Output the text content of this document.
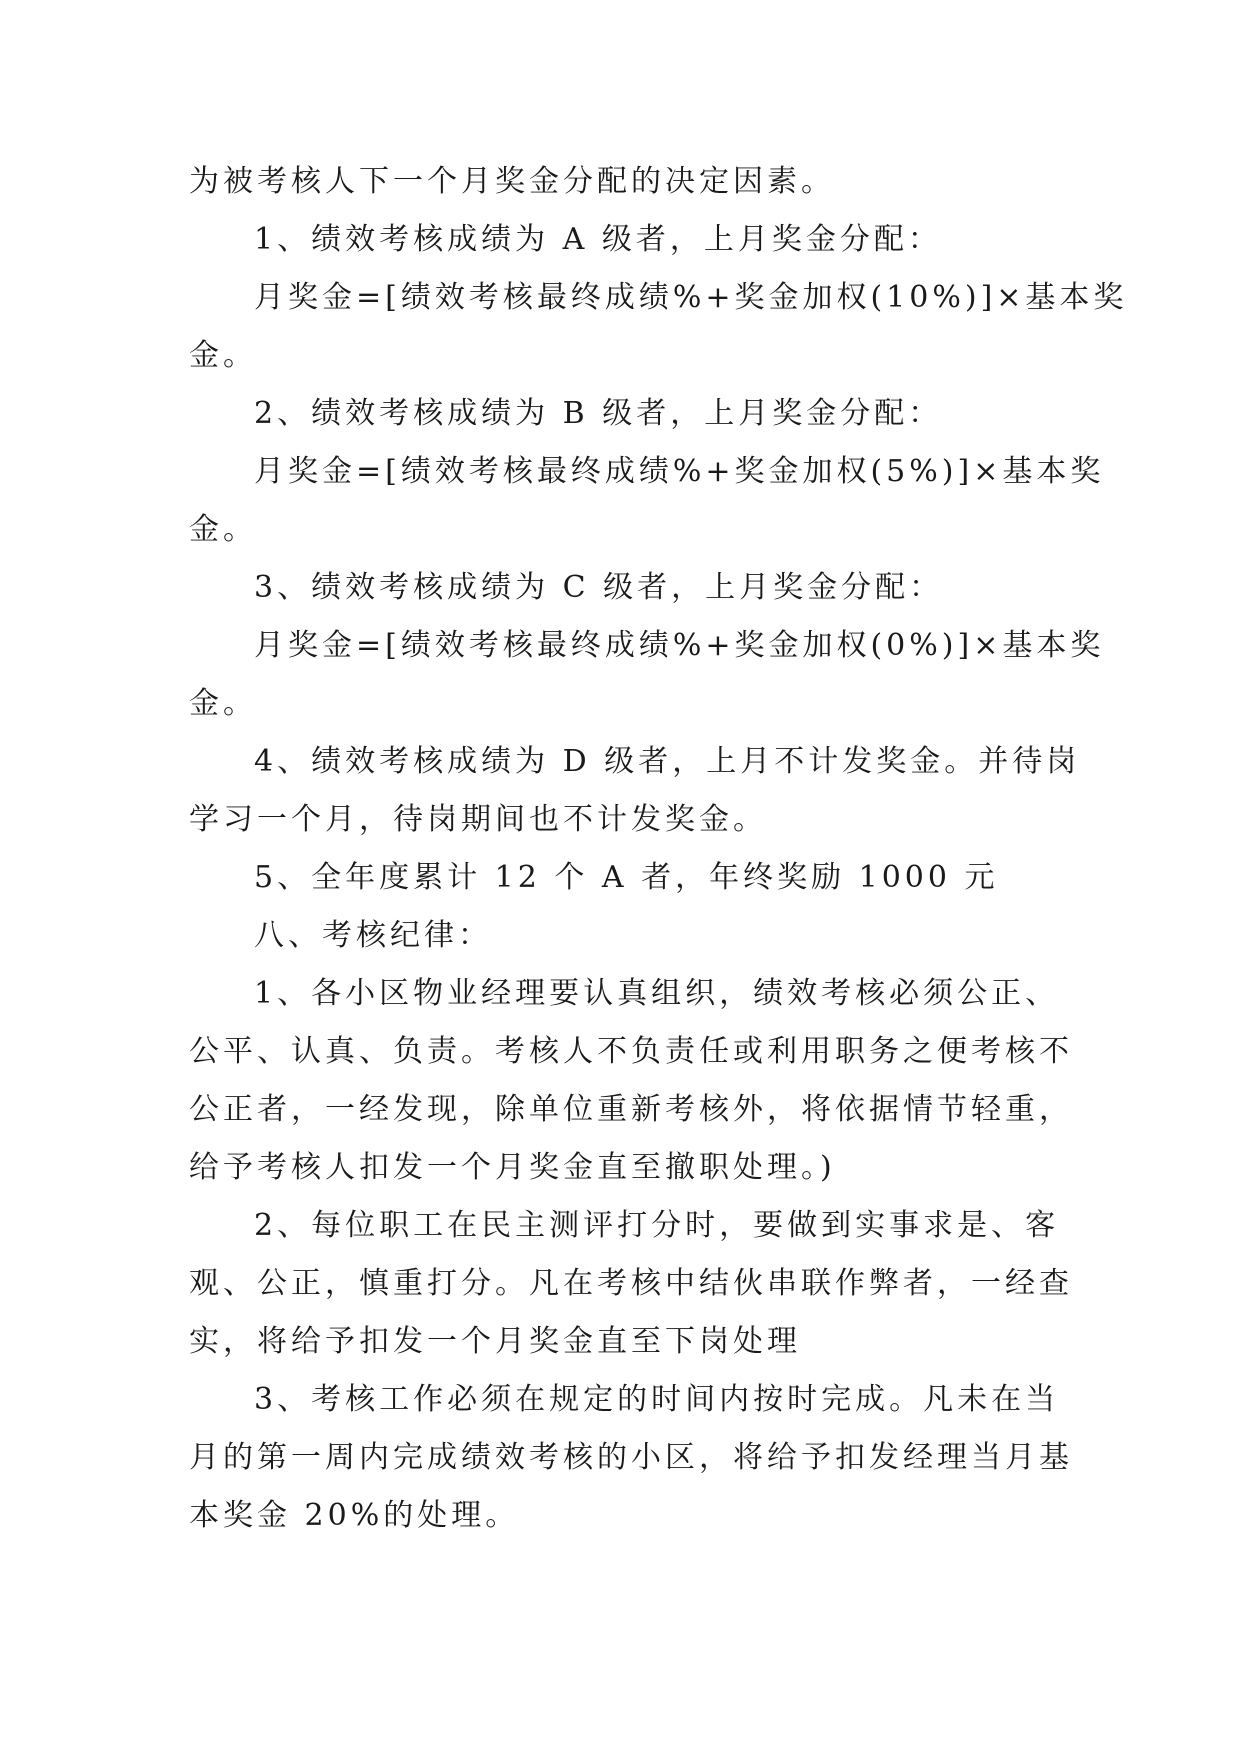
为被考核人下一个月奖金分配的决定因素。
1、绩效考核成绩为 A 级者，上月奖金分配：
月奖金=[绩效考核最终成绩%+奖金加权(10%)]×基本奖
金。
2、绩效考核成绩为 B 级者，上月奖金分配：
月奖金=[绩效考核最终成绩%+奖金加权(5%)]×基本奖
金。
3、绩效考核成绩为 C 级者，上月奖金分配：
月奖金=[绩效考核最终成绩%+奖金加权(0%)]×基本奖
金。
4、绩效考核成绩为 D 级者，上月不计发奖金。并待岗
学习一个月，待岗期间也不计发奖金。
5、全年度累计 12 个 A 者，年终奖励 1000 元
八、考核纪律：
1、各小区物业经理要认真组织，绩效考核必须公正、
公平、认真、负责。考核人不负责任或利用职务之便考核不
公正者，一经发现，除单位重新考核外，将依据情节轻重，
给予考核人扣发一个月奖金直至撤职处理。)
2、每位职工在民主测评打分时，要做到实事求是、客
观、公正，慎重打分。凡在考核中结伙串联作弊者，一经查
实，将给予扣发一个月奖金直至下岗处理
3、考核工作必须在规定的时间内按时完成。凡未在当
月的第一周内完成绩效考核的小区，将给予扣发经理当月基
本奖金 20%的处理。
